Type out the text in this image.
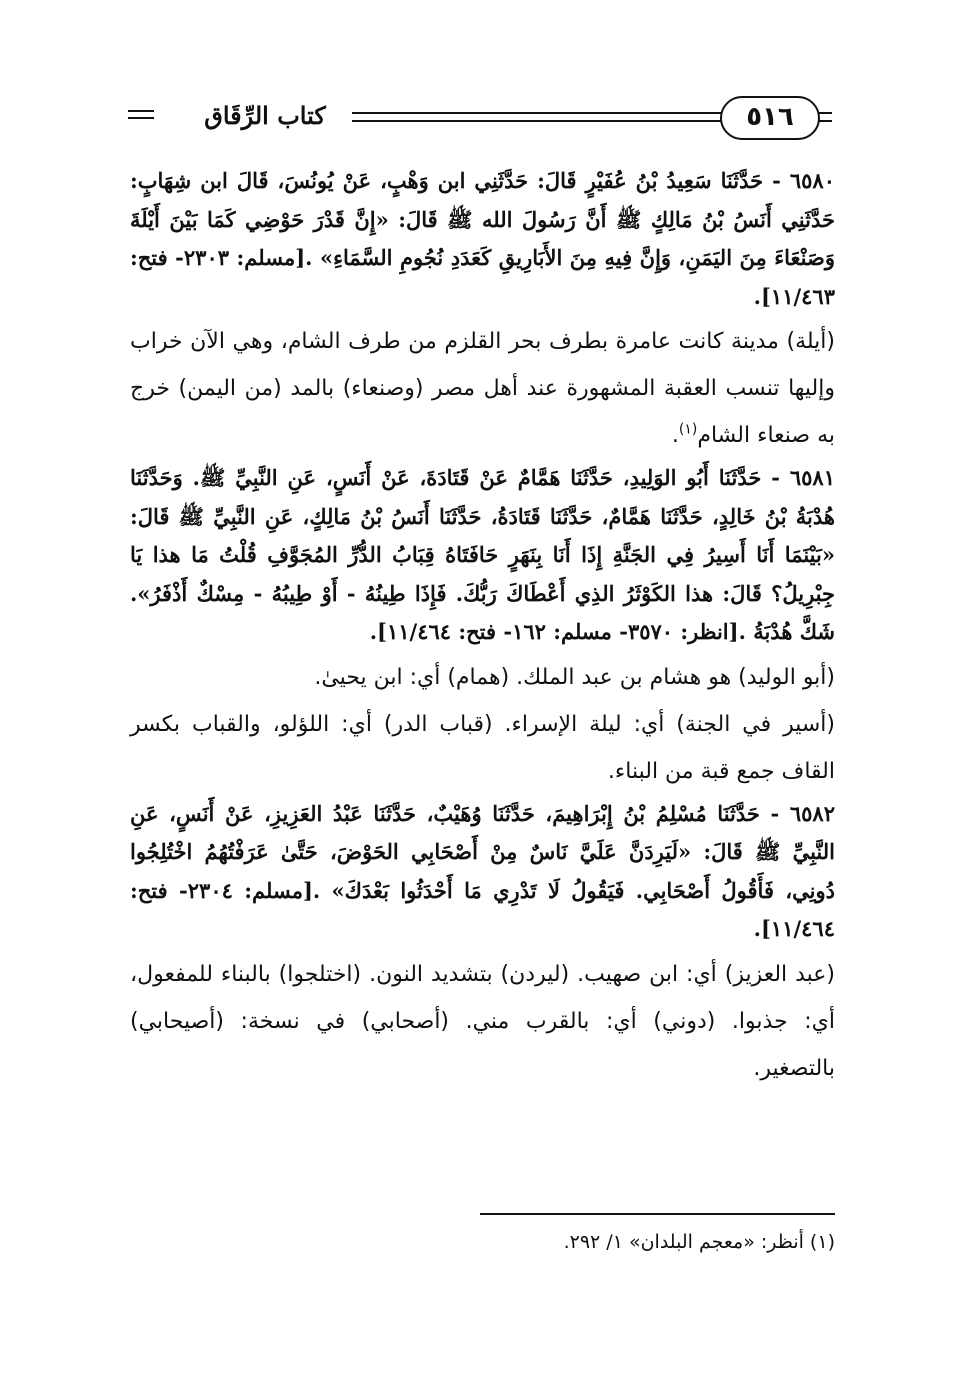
كتاب الرِّقَاق	٥١٦

٦٥٨٠ - حَدَّثَنَا سَعِيدُ بْنُ عُفَيْرٍ قَالَ: حَدَّثَنِي ابن وَهْبٍ، عَنْ يُونُسَ، قَالَ ابن شِهَابٍ: حَدَّثَنِي أَنَسُ بْنُ مَالِكٍ ﷺ أَنَّ رَسُولَ الله ﷺ قَالَ: «إِنَّ قَدْرَ حَوْضِي كَمَا بَيْنَ أَيْلَةَ وَصَنْعَاءَ مِنَ اليَمَنِ، وَإِنَّ فِيهِ مِنَ الأَبَارِيقِ كَعَدَدِ نُجُومِ السَّمَاءِ» .[مسلم: ٢٣٠٣- فتح: ١١/٤٦٣].

(أيلة) مدينة كانت عامرة بطرف بحر القلزم من طرف الشام، وهي الآن خراب وإليها تنسب العقبة المشهورة عند أهل مصر (وصنعاء) بالمد (من اليمن) خرج به صنعاء الشام$^{(١)}$.

٦٥٨١ - حَدَّثَنَا أَبُو الوَلِيدِ، حَدَّثَنَا هَمَّامٌ عَنْ قَتَادَةَ، عَنْ أَنَسٍ، عَنِ النَّبِيِّ ﷺ. وَحَدَّثَنَا هُدْبَةُ بْنُ خَالِدٍ، حَدَّثَنَا هَمَّامٌ، حَدَّثَنَا قَتَادَةُ، حَدَّثَنَا أَنَسُ بْنُ مَالِكٍ، عَنِ النَّبِيِّ ﷺ قَالَ: «بَيْنَمَا أَنَا أَسِيرُ فِي الجَنَّةِ إِذَا أَنَا بِنَهَرٍ حَافَتَاهُ قِبَابُ الدُّرِّ المُجَوَّفِ قُلْتُ مَا هذا يَا جِبْرِيلُ؟ قَالَ: هذا الكَوْثَرُ الذِي أَعْطَاكَ رَبُّكَ. فَإِذَا طِينُهُ - أَوْ طِيبُهُ - مِسْكٌ أَذْفَرُ». شَكَّ هُدْبَةُ .[انظر: ٣٥٧٠- مسلم: ١٦٢- فتح: ١١/٤٦٤].

(أبو الوليد) هو هشام بن عبد الملك. (همام) أي: ابن يحيىٰ.

(أسير في الجنة) أي: ليلة الإسراء. (قباب الدر) أي: اللؤلو، والقباب بكسر القاف جمع قبة من البناء.

٦٥٨٢ - حَدَّثَنَا مُسْلِمُ بْنُ إِبْرَاهِيمَ، حَدَّثَنَا وُهَيْبٌ، حَدَّثَنَا عَبْدُ العَزِيزِ، عَنْ أَنَسٍ، عَنِ النَّبِيِّ ﷺ قَالَ: «لَيَرِدَنَّ عَلَيَّ نَاسٌ مِنْ أَصْحَابِي الحَوْضَ، حَتَّىٰ عَرَفْتُهُمُ اخْتُلِجُوا دُونِي، فَأَقُولُ أَصْحَابِي. فَيَقُولُ لَا تَدْرِي مَا أَحْدَثُوا بَعْدَكَ» .[مسلم: ٢٣٠٤- فتح: ١١/٤٦٤].

(عبد العزيز) أي: ابن صهيب. (ليردن) بتشديد النون. (اختلجوا) بالبناء للمفعول، أي: جذبوا. (دوني) أي: بالقرب مني. (أصحابي) في نسخة: (أصيحابي) بالتصغير.

(١) أنظر: «معجم البلدان» ١/ ٢٩٢.
